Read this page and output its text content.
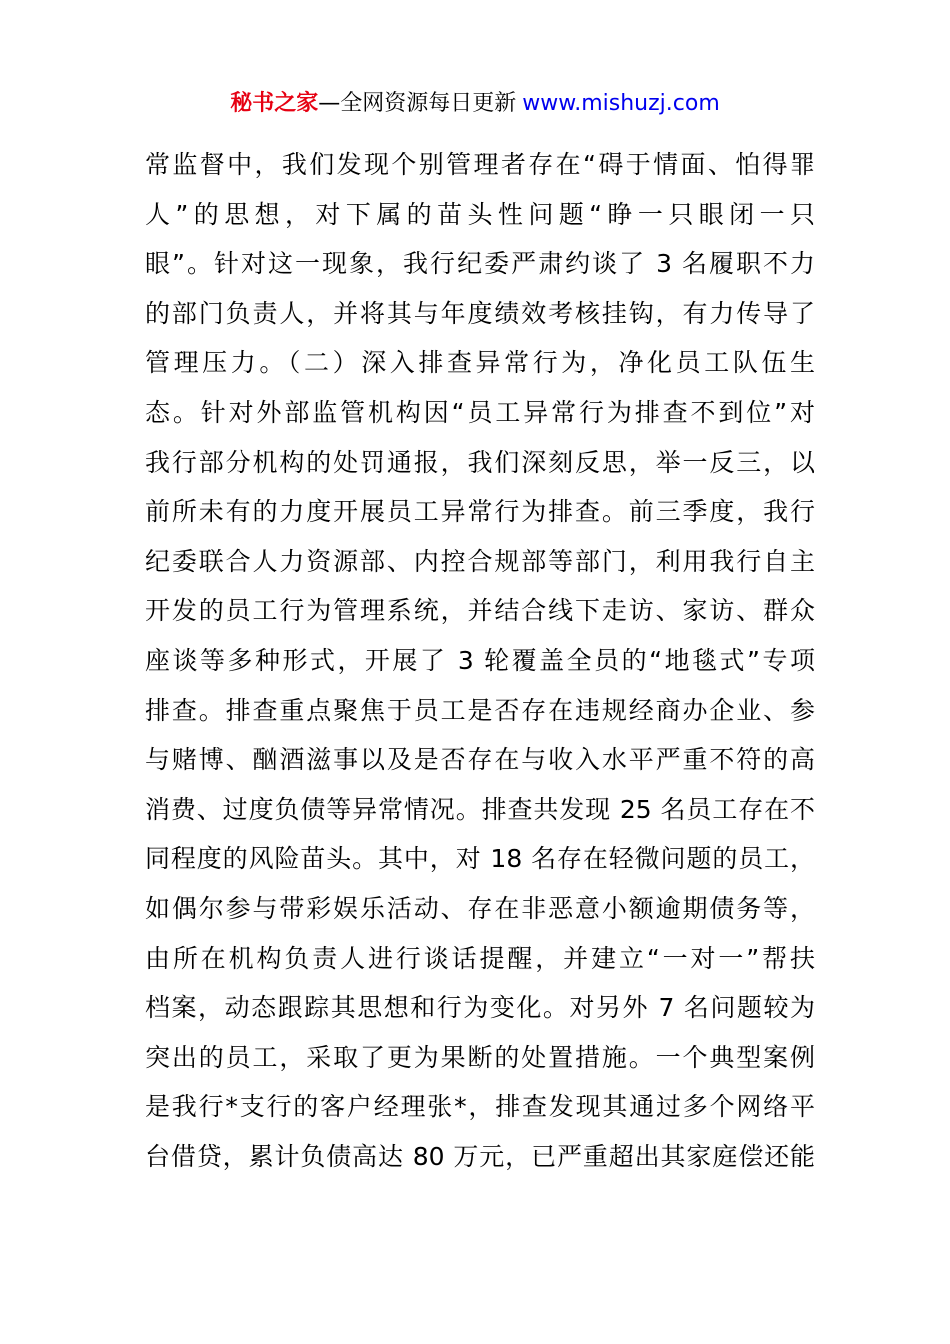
秘书之家—全网资源每日更新 www.mishuzj.com
常监督中，我们发现个别管理者存在“碍于情面、怕得罪
人”的思想，对下属的苗头性问题“睁一只眼闭一只
眼”。针对这一现象，我行纪委严肃约谈了 3 名履职不力
的部门负责人，并将其与年度绩效考核挂钩，有力传导了
管理压力。（二）深入排查异常行为，净化员工队伍生
态。针对外部监管机构因“员工异常行为排查不到位”对
我行部分机构的处罚通报，我们深刻反思，举一反三，以
前所未有的力度开展员工异常行为排查。前三季度，我行
纪委联合人力资源部、内控合规部等部门，利用我行自主
开发的员工行为管理系统，并结合线下走访、家访、群众
座谈等多种形式，开展了 3 轮覆盖全员的“地毯式”专项
排查。排查重点聚焦于员工是否存在违规经商办企业、参
与赌博、酗酒滋事以及是否存在与收入水平严重不符的高
消费、过度负债等异常情况。排查共发现 25 名员工存在不
同程度的风险苗头。其中，对 18 名存在轻微问题的员工，
如偶尔参与带彩娱乐活动、存在非恶意小额逾期债务等，
由所在机构负责人进行谈话提醒，并建立“一对一”帮扶
档案，动态跟踪其思想和行为变化。对另外 7 名问题较为
突出的员工，采取了更为果断的处置措施。一个典型案例
是我行*支行的客户经理张*，排查发现其通过多个网络平
台借贷，累计负债高达 80 万元，已严重超出其家庭偿还能
